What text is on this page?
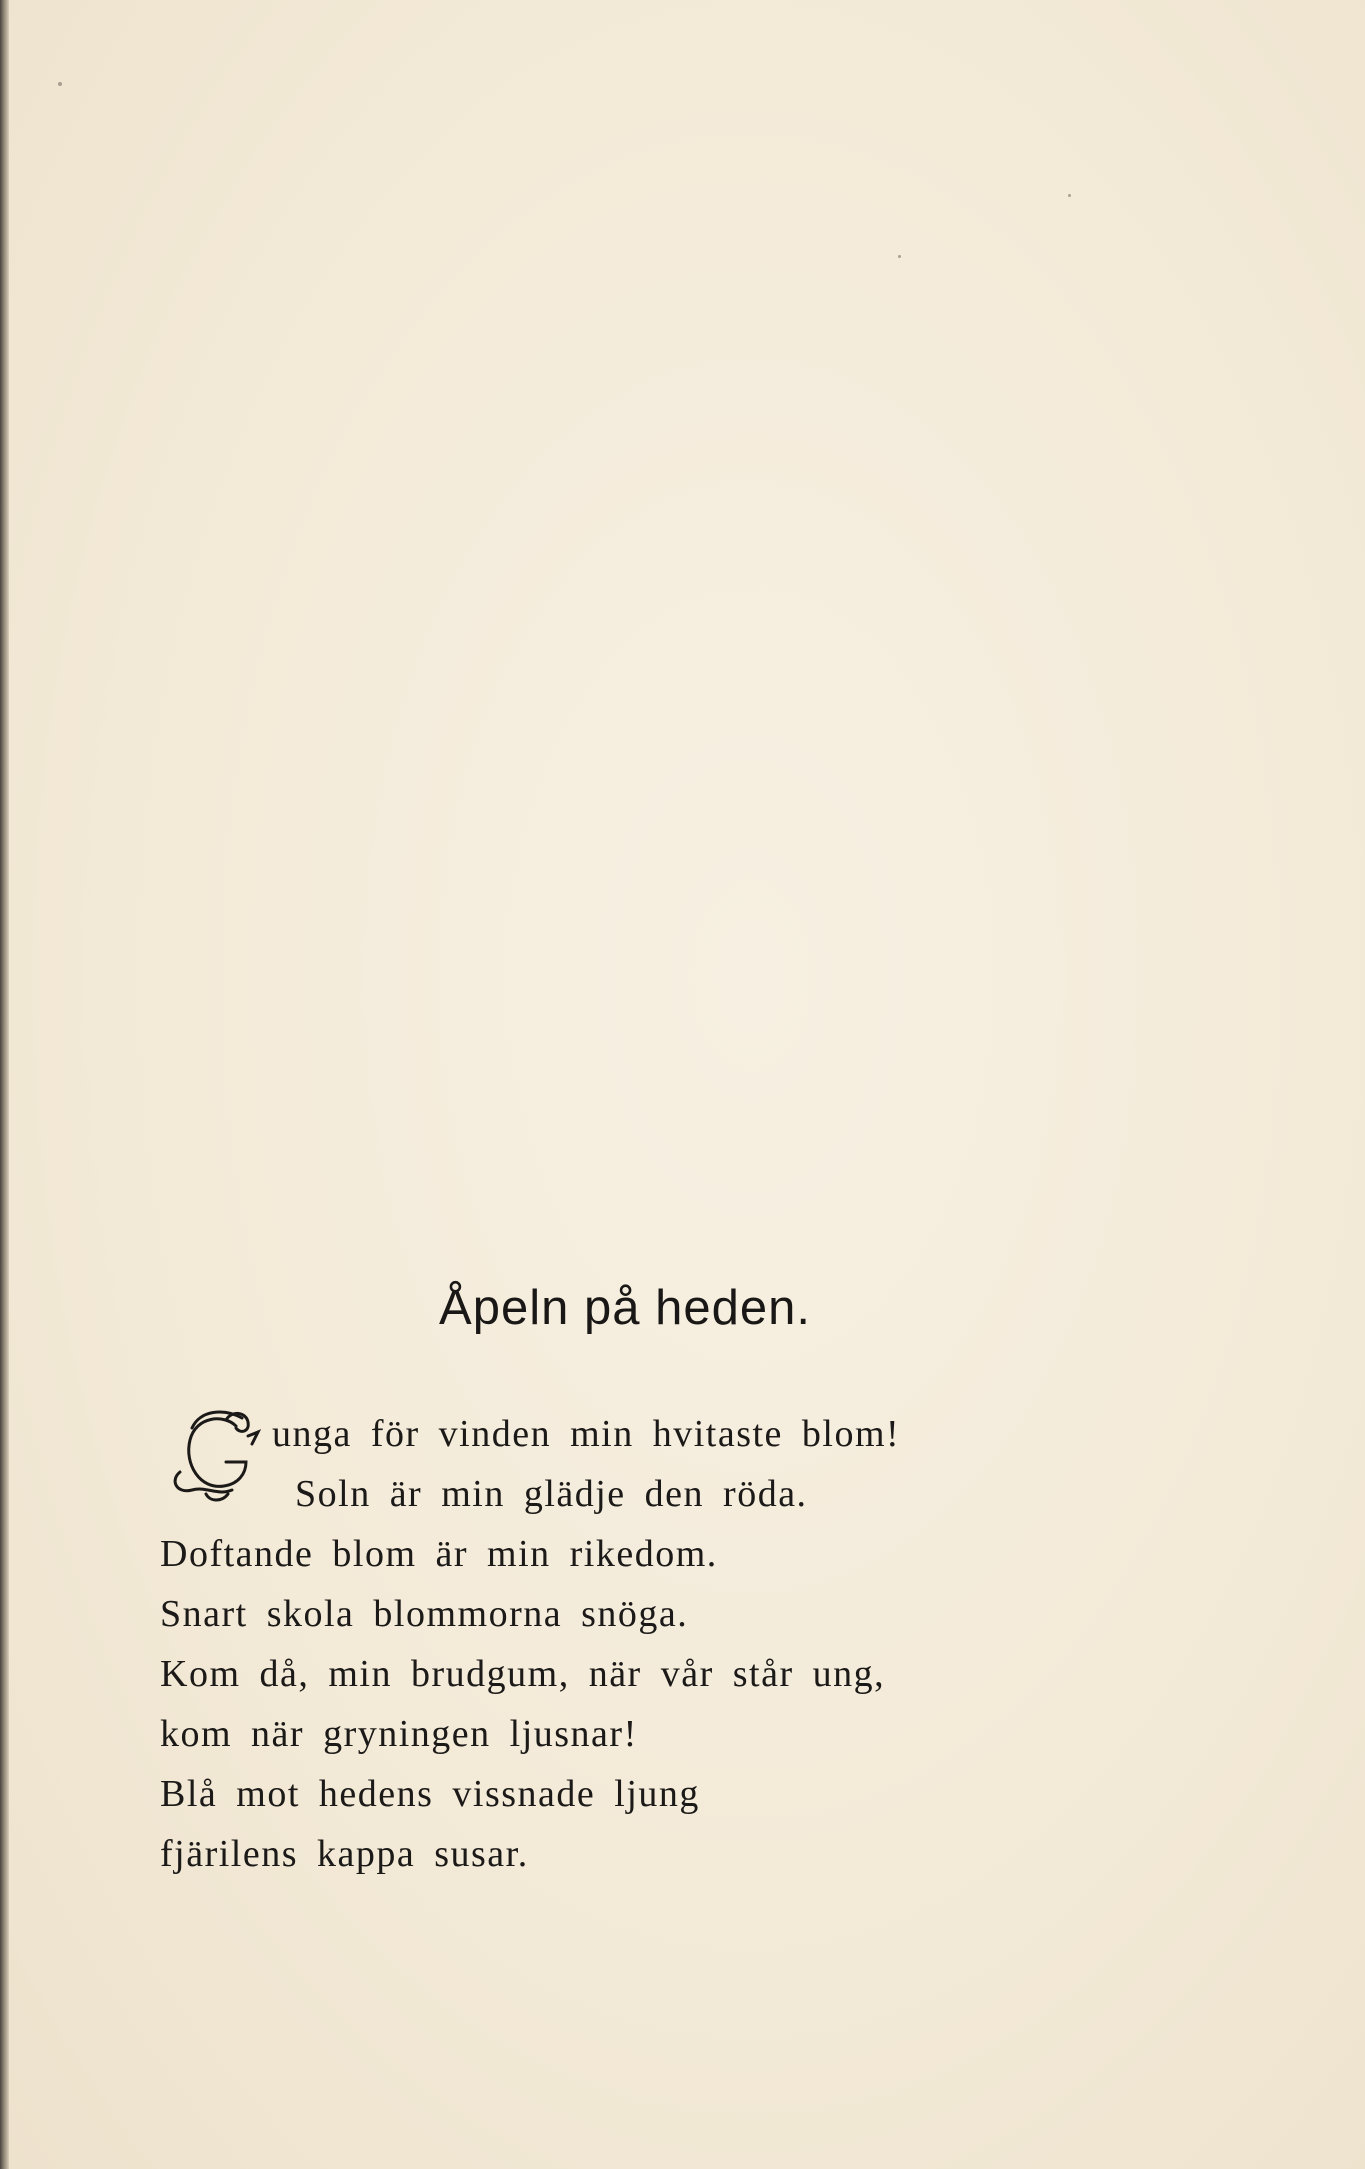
Åpeln på heden.
unga för vinden min hvitaste blom!
Soln är min glädje den röda.
Doftande blom är min rikedom.
Snart skola blommorna snöga.
Kom då, min brudgum, när vår står ung,
kom när gryningen ljusnar!
Blå mot hedens vissnade ljung
fjärilens kappa susar.
